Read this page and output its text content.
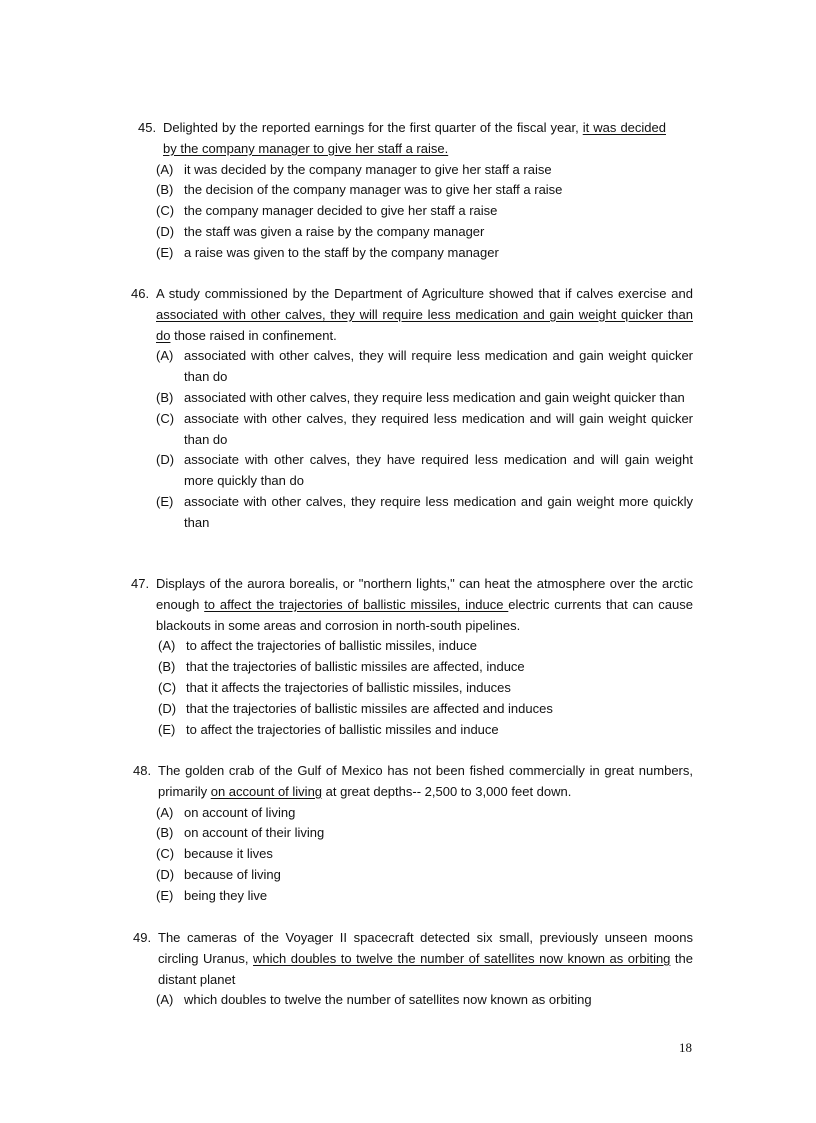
45. Delighted by the reported earnings for the first quarter of the fiscal year, it was decided by the company manager to give her staff a raise.
(A) it was decided by the company manager to give her staff a raise
(B) the decision of the company manager was to give her staff a raise
(C) the company manager decided to give her staff a raise
(D) the staff was given a raise by the company manager
(E) a raise was given to the staff by the company manager
46. A study commissioned by the Department of Agriculture showed that if calves exercise and associated with other calves, they will require less medication and gain weight quicker than do those raised in confinement.
(A) associated with other calves, they will require less medication and gain weight quicker than do
(B) associated with other calves, they require less medication and gain weight quicker than
(C) associate with other calves, they required less medication and will gain weight quicker than do
(D) associate with other calves, they have required less medication and will gain weight more quickly than do
(E) associate with other calves, they require less medication and gain weight more quickly than
47. Displays of the aurora borealis, or "northern lights," can heat the atmosphere over the arctic enough to affect the trajectories of ballistic missiles, induce electric currents that can cause blackouts in some areas and corrosion in north-south pipelines.
(A) to affect the trajectories of ballistic missiles, induce
(B) that the trajectories of ballistic missiles are affected, induce
(C) that it affects the trajectories of ballistic missiles, induces
(D) that the trajectories of ballistic missiles are affected and induces
(E) to affect the trajectories of ballistic missiles and induce
48. The golden crab of the Gulf of Mexico has not been fished commercially in great numbers, primarily on account of living at great depths-- 2,500 to 3,000 feet down.
(A) on account of living
(B) on account of their living
(C) because it lives
(D) because of living
(E) being they live
49. The cameras of the Voyager II spacecraft detected six small, previously unseen moons circling Uranus, which doubles to twelve the number of satellites now known as orbiting the distant planet
(A) which doubles to twelve the number of satellites now known as orbiting
18
